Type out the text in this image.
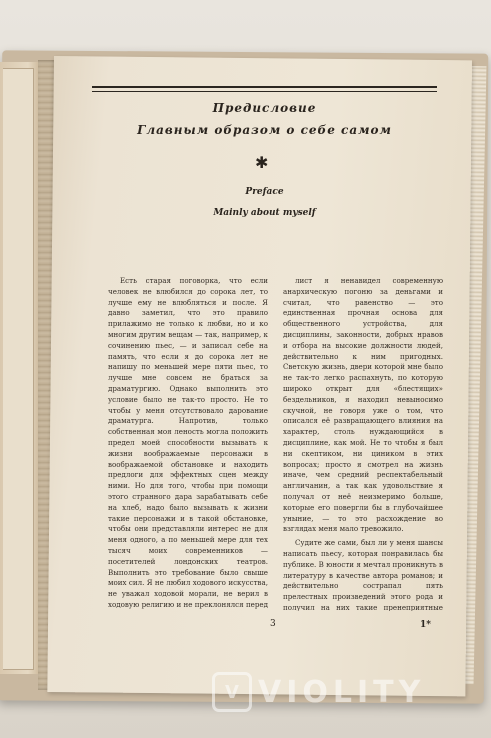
Предисловие
Главным образом о себе самом
✱
Preface
Mainly about myself

Есть старая поговорка, что если человек не влюбился до сорока лет, то лучше ему не влюбляться и после. Я давно заметил, что это правило прилажимо не только к любви, но и ко многим другим вещам — так, например, к сочинению пьес, — и записал себе на память, что если я до сорока лет не напишу по меньшей мере пяти пьес, то лучше мне совсем не браться за драматургию. Однако выполнить это условие было не так-то просто. Не то чтобы у меня отсутствовало дарование драматурга. Напротив, только собственная моя леность могла положить предел моей способности вызывать к жизни воображаемые персонажи в воображаемой обстановке и находить предлоги для эффектных сцен между ними. Но для того, чтобы при помощи этого странного дара зарабатывать себе на хлеб, надо было вызывать к жизни такие персонажи и в такой обстановке, чтобы они представляли интерес не для меня одного, а по меньшей мере для тех тысяч моих современников — посетителей лондонских театров. Выполнить это требование было свыше моих сил. Я не любил ходового искусства, не уважал ходовой морали, не верил в ходовую религию и не преклонялся перед

лист я ненавидел современную анархическую погоню за деньгами и считал, что равенство — это единственная прочная основа для общественного устройства, для дисциплины, законности, добрых нравов и отбора на высокие должности людей, действительно к ним пригодных. Светскую жизнь, двери которой мне было не так-то легко распахнуть, по которую широко открыт для «блестящих» бездельников, я находил невыносимо скучной, не говоря уже о том, что описался её развращающего влияния на характер, столь нуждающийся в дисциплине, как мой. Не то чтобы я был ни скептиком, ни циником в этих вопросах; просто я смотрел на жизнь иначе, чем средний респектабельный англичанин, а так как удовольствие я получал от неё неизмеримо больше, которые его повергли бы в глубочайшее уныние, — то это расхождение во взглядах меня мало тревожило.

Судите же сами, был ли у меня шансы написать пьесу, которая понравилась бы публике. В юности я мечтал проникнуть в литературу в качестве автора романов; и действительно сострапал пять прелестных произведений этого рода и получил на них такие пренеприятные

3	1*
V VIOLITY
